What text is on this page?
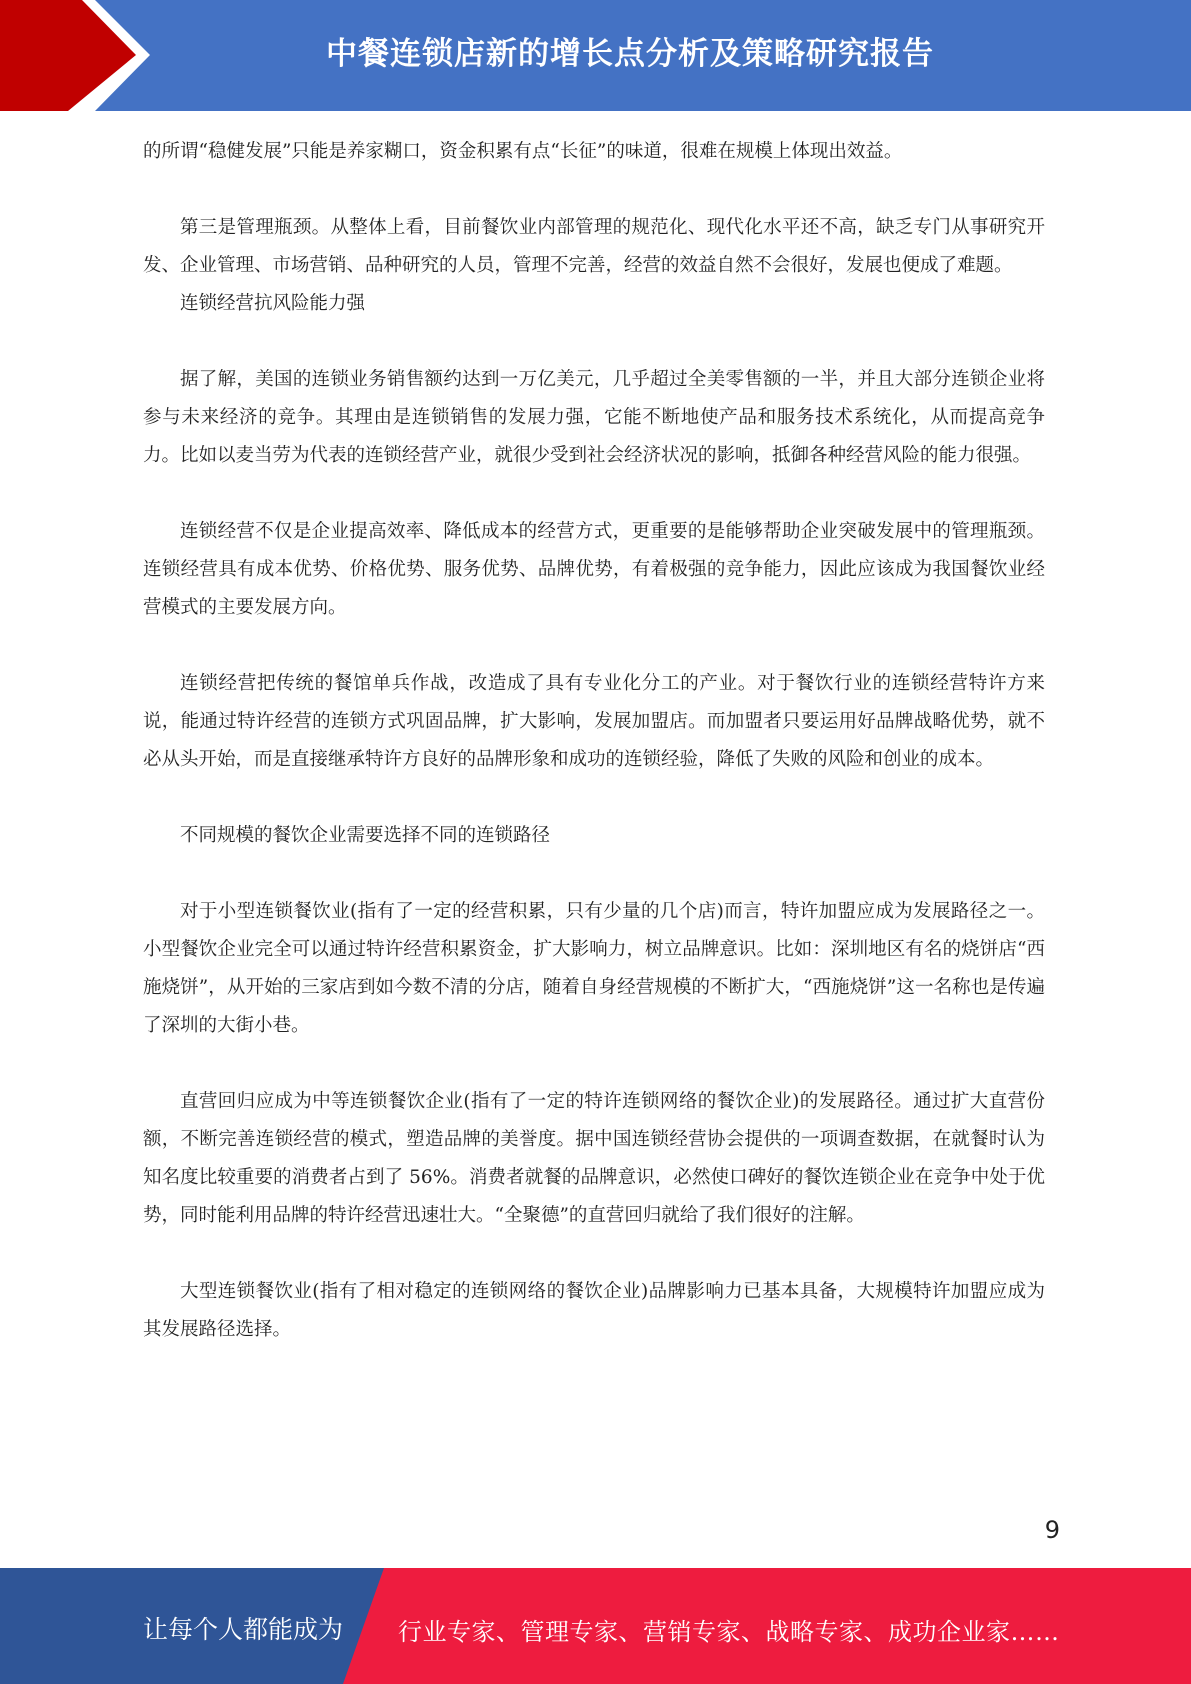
中餐连锁店新的增长点分析及策略研究报告

的所谓“稳健发展”只能是养家糊口，资金积累有点“长征”的味道，很难在规模上体现出效益。

第三是管理瓶颈。从整体上看，目前餐饮业内部管理的规范化、现代化水平还不高，缺乏专门从事研究开发、企业管理、市场营销、品种研究的人员，管理不完善，经营的效益自然不会很好，发展也便成了难题。

连锁经营抗风险能力强

据了解，美国的连锁业务销售额约达到一万亿美元，几乎超过全美零售额的一半，并且大部分连锁企业将参与未来经济的竞争。其理由是连锁销售的发展力强，它能不断地使产品和服务技术系统化，从而提高竞争力。比如以麦当劳为代表的连锁经营产业，就很少受到社会经济状况的影响，抵御各种经营风险的能力很强。

连锁经营不仅是企业提高效率、降低成本的经营方式，更重要的是能够帮助企业突破发展中的管理瓶颈。连锁经营具有成本优势、价格优势、服务优势、品牌优势，有着极强的竞争能力，因此应该成为我国餐饮业经营模式的主要发展方向。

连锁经营把传统的餐馆单兵作战，改造成了具有专业化分工的产业。对于餐饮行业的连锁经营特许方来说，能通过特许经营的连锁方式巩固品牌，扩大影响，发展加盟店。而加盟者只要运用好品牌战略优势，就不必从头开始，而是直接继承特许方良好的品牌形象和成功的连锁经验，降低了失败的风险和创业的成本。

不同规模的餐饮企业需要选择不同的连锁路径

对于小型连锁餐饮业(指有了一定的经营积累，只有少量的几个店)而言，特许加盟应成为发展路径之一。小型餐饮企业完全可以通过特许经营积累资金，扩大影响力，树立品牌意识。比如：深圳地区有名的烧饼店“西施烧饼”，从开始的三家店到如今数不清的分店，随着自身经营规模的不断扩大，“西施烧饼”这一名称也是传遍了深圳的大街小巷。

直营回归应成为中等连锁餐饮企业(指有了一定的特许连锁网络的餐饮企业)的发展路径。通过扩大直营份额，不断完善连锁经营的模式，塑造品牌的美誉度。据中国连锁经营协会提供的一项调查数据，在就餐时认为知名度比较重要的消费者占到了 56%。消费者就餐的品牌意识，必然使口碑好的餐饮连锁企业在竞争中处于优势，同时能利用品牌的特许经营迅速壮大。“全聚德”的直营回归就给了我们很好的注解。

大型连锁餐饮业(指有了相对稳定的连锁网络的餐饮企业)品牌影响力已基本具备，大规模特许加盟应成为其发展路径选择。

9
让每个人都能成为 行业专家、管理专家、营销专家、战略专家、成功企业家……
